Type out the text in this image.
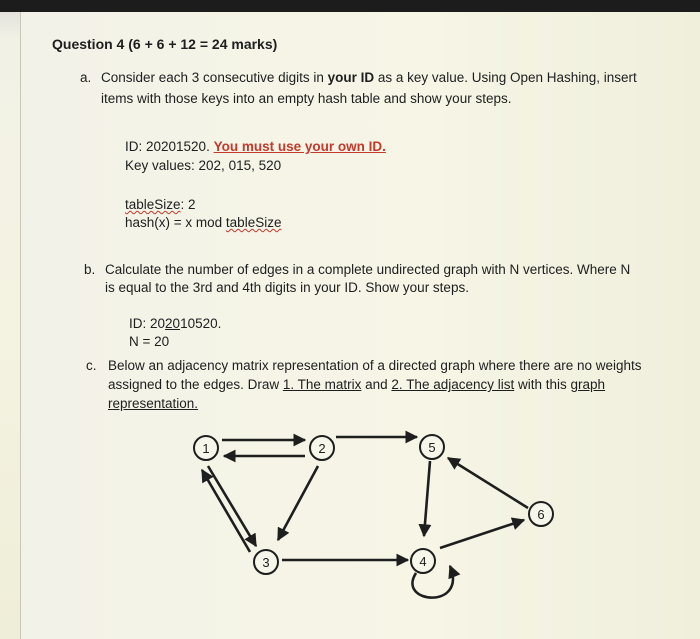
Question 4 (6 + 6 + 12 = 24 marks)
a. Consider each 3 consecutive digits in your ID as a key value. Using Open Hashing, insert
items with those keys into an empty hash table and show your steps.
ID: 20201520. You must use your own ID.
Key values: 202, 015, 520
tableSize: 2
hash(x) = x mod tableSize
b. Calculate the number of edges in a complete undirected graph with N vertices. Where N
is equal to the 3rd and 4th digits in your ID. Show your steps.
ID: 202010520.
N = 20
c. Below an adjacency matrix representation of a directed graph where there are no weights
assigned to the edges. Draw 1. The matrix and 2. The adjacency list with this graph
representation.
1	2
3	4
5
6
